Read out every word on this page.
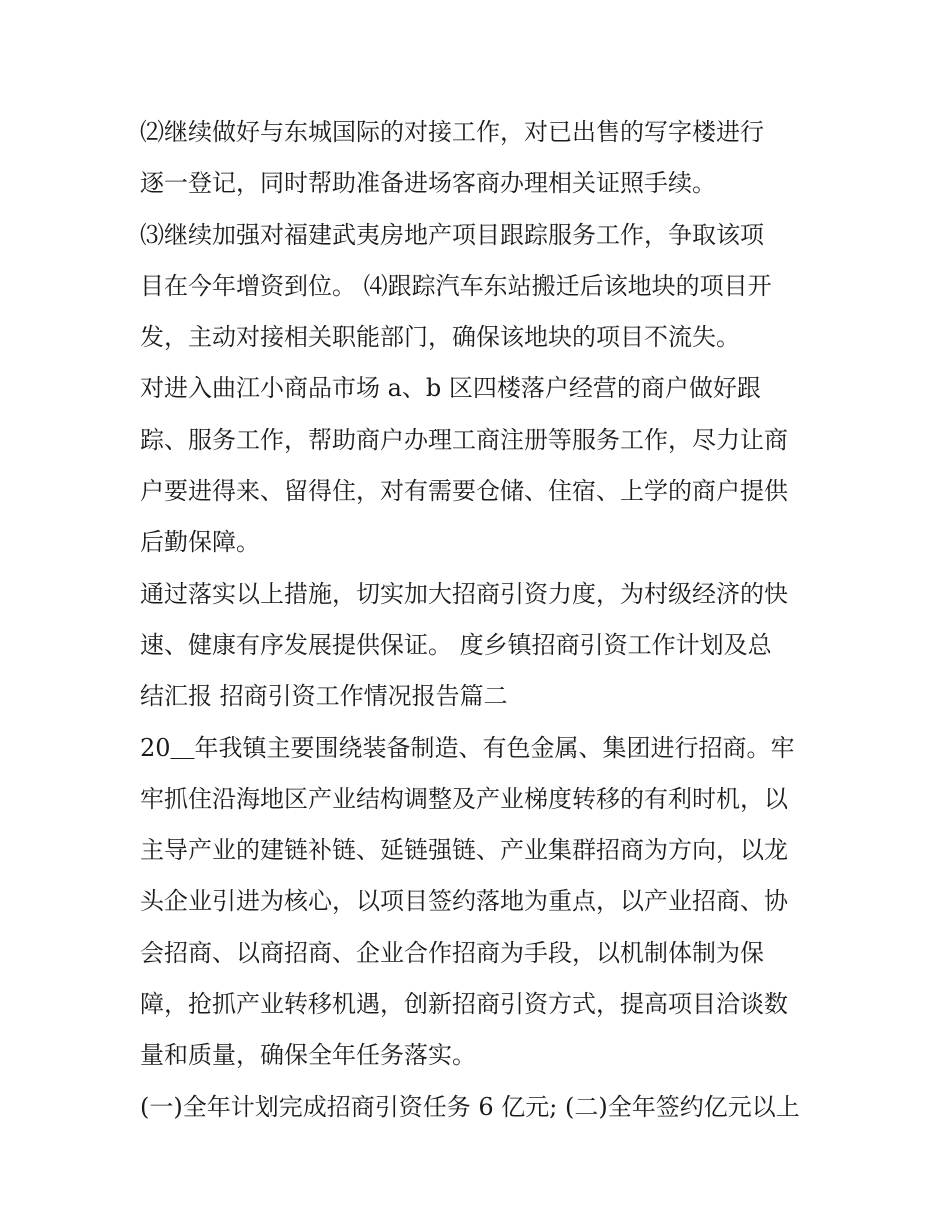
⑵继续做好与东城国际的对接工作，对已出售的写字楼进行
逐一登记，同时帮助准备进场客商办理相关证照手续。
⑶继续加强对福建武夷房地产项目跟踪服务工作，争取该项
目在今年增资到位。 ⑷跟踪汽车东站搬迁后该地块的项目开
发，主动对接相关职能部门，确保该地块的项目不流失。
对进入曲江小商品市场 a、b 区四楼落户经营的商户做好跟
踪、服务工作，帮助商户办理工商注册等服务工作，尽力让商
户要进得来、留得住，对有需要仓储、住宿、上学的商户提供
后勤保障。
通过落实以上措施，切实加大招商引资力度，为村级经济的快
速、健康有序发展提供保证。 度乡镇招商引资工作计划及总
结汇报 招商引资工作情况报告篇二
20＿年我镇主要围绕装备制造、有色金属、集团进行招商。牢
牢抓住沿海地区产业结构调整及产业梯度转移的有利时机，以
主导产业的建链补链、延链强链、产业集群招商为方向，以龙
头企业引进为核心，以项目签约落地为重点，以产业招商、协
会招商、以商招商、企业合作招商为手段，以机制体制为保
障，抢抓产业转移机遇，创新招商引资方式，提高项目洽谈数
量和质量，确保全年任务落实。
(一)全年计划完成招商引资任务 6 亿元; (二)全年签约亿元以上
